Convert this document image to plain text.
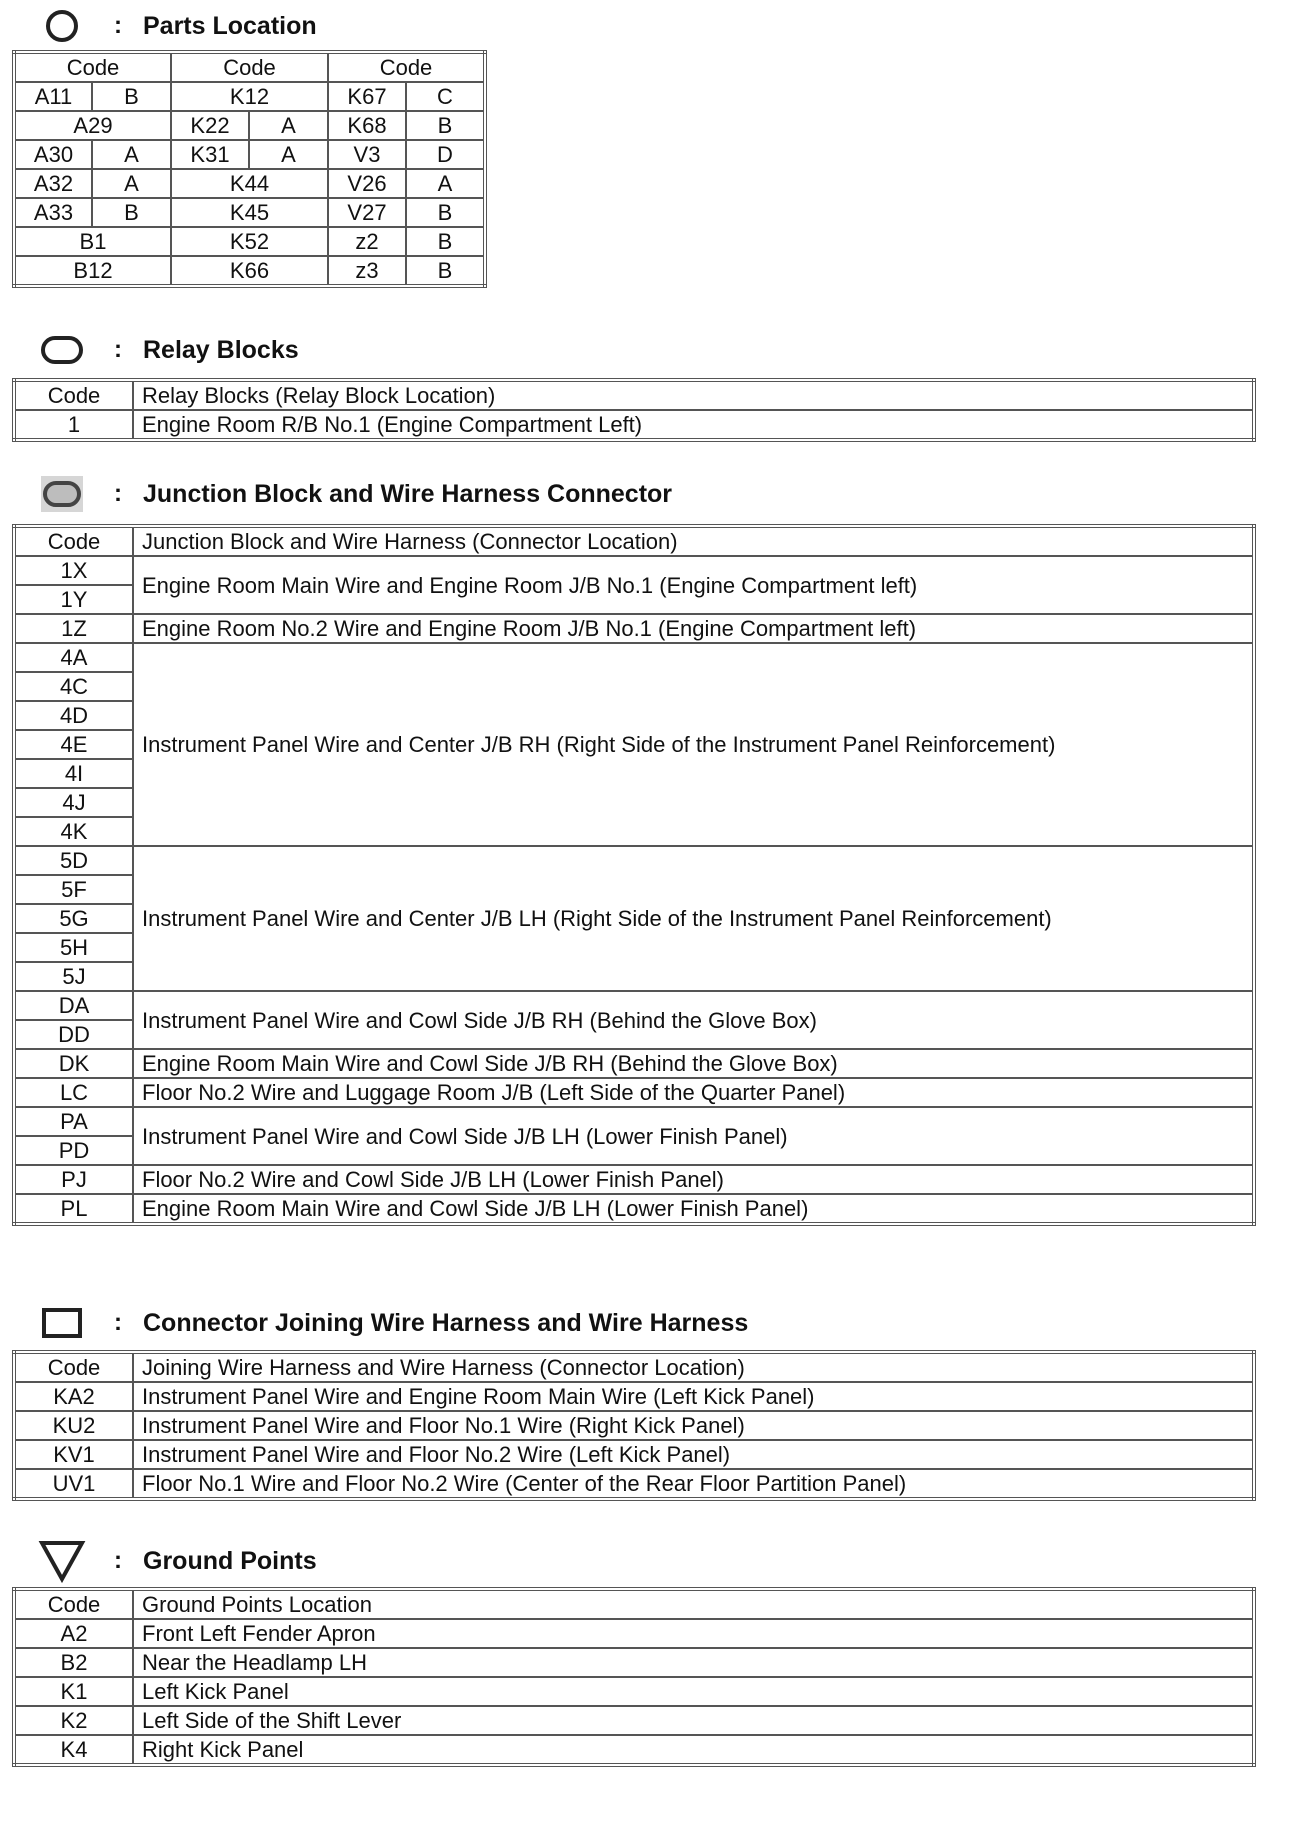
: Parts Location
Code		Code		Code	
A11	B	K12		K67	C
A29		K22	A	K68	B
A30	A	K31	A	V3	D
A32	A	K44		V26	A
A33	B	K45		V27	B
B1		K52		z2	B
B12		K66		z3	B
: Relay Blocks
Code	Relay Blocks (Relay Block Location)
1	Engine Room R/B No.1 (Engine Compartment Left)
: Junction Block and Wire Harness Connector
Code	Junction Block and Wire Harness (Connector Location)
1X	Engine Room Main Wire and Engine Room J/B No.1 (Engine Compartment left)
1Y	
1Z	Engine Room No.2 Wire and Engine Room J/B No.1 (Engine Compartment left)
4A	Instrument Panel Wire and Center J/B RH (Right Side of the Instrument Panel Reinforcement)
4C	
4D	
4E	
4I	
4J	
4K	
5D	Instrument Panel Wire and Center J/B LH (Right Side of the Instrument Panel Reinforcement)
5F	
5G	
5H	
5J	
DA	Instrument Panel Wire and Cowl Side J/B RH (Behind the Glove Box)
DD	
DK	Engine Room Main Wire and Cowl Side J/B RH (Behind the Glove Box)
LC	Floor No.2 Wire and Luggage Room J/B (Left Side of the Quarter Panel)
PA	Instrument Panel Wire and Cowl Side J/B LH (Lower Finish Panel)
PD	
PJ	Floor No.2 Wire and Cowl Side J/B LH (Lower Finish Panel)
PL	Engine Room Main Wire and Cowl Side J/B LH (Lower Finish Panel)
: Connector Joining Wire Harness and Wire Harness
Code	Joining Wire Harness and Wire Harness (Connector Location)
KA2	Instrument Panel Wire and Engine Room Main Wire (Left Kick Panel)
KU2	Instrument Panel Wire and Floor No.1 Wire (Right Kick Panel)
KV1	Instrument Panel Wire and Floor No.2 Wire (Left Kick Panel)
UV1	Floor No.1 Wire and Floor No.2 Wire (Center of the Rear Floor Partition Panel)
: Ground Points
Code	Ground Points Location
A2	Front Left Fender Apron
B2	Near the Headlamp LH
K1	Left Kick Panel
K2	Left Side of the Shift Lever
K4	Right Kick Panel
